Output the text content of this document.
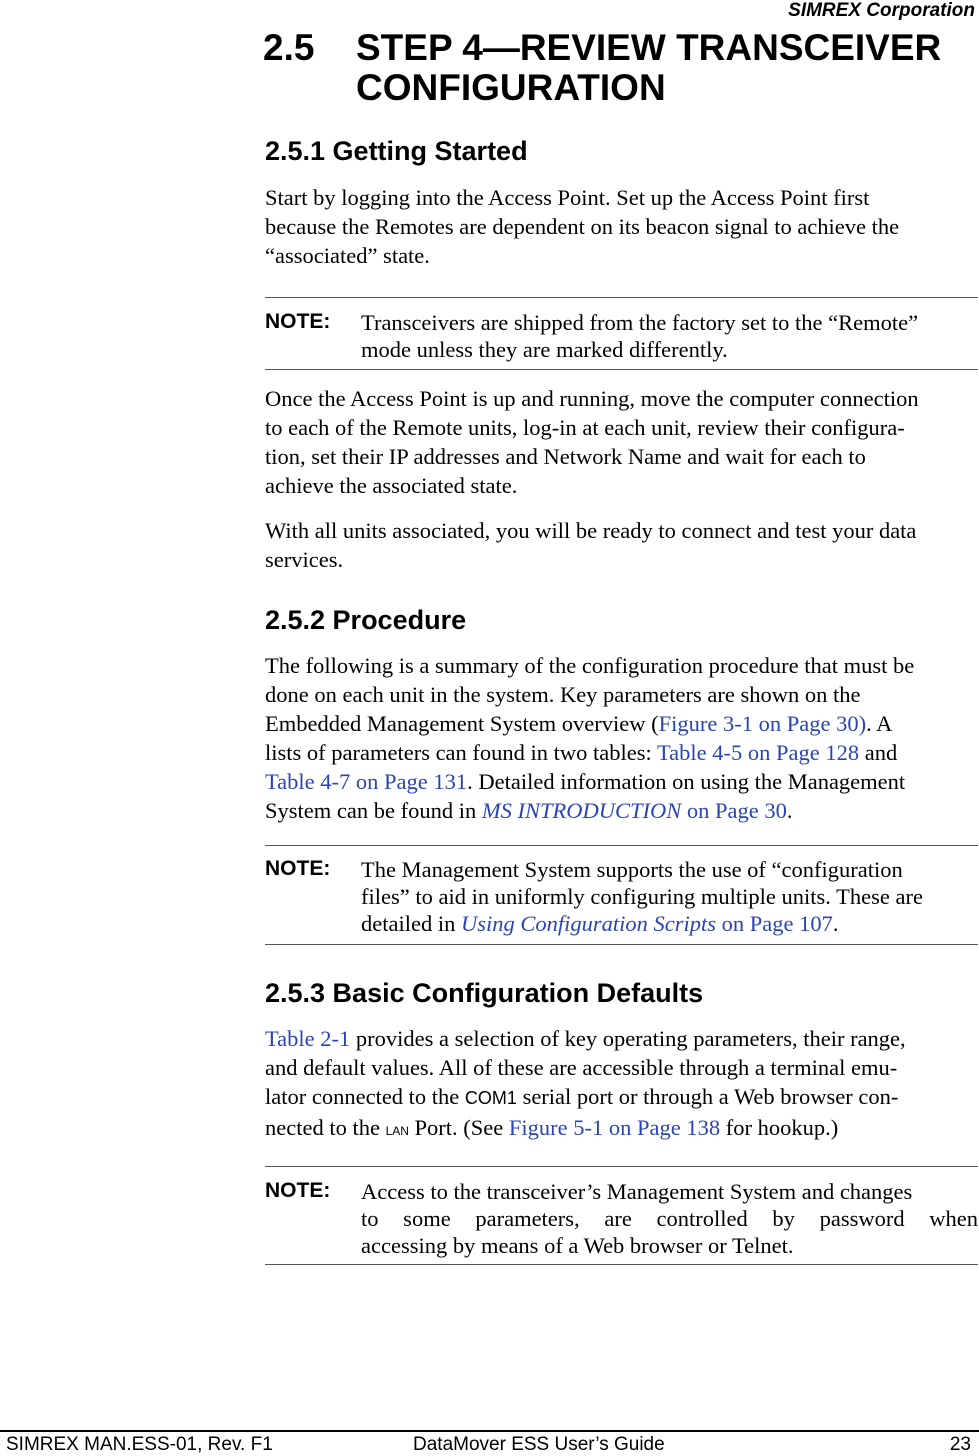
SIMREX Corporation
2.5 STEP 4—REVIEW TRANSCEIVER
CONFIGURATION
2.5.1 Getting Started
Start by logging into the Access Point. Set up the Access Point first
because the Remotes are dependent on its beacon signal to achieve the
“associated” state.
NOTE: Transceivers are shipped from the factory set to the “Remote”
mode unless they are marked differently.
Once the Access Point is up and running, move the computer connection
to each of the Remote units, log-in at each unit, review their configura-
tion, set their IP addresses and Network Name and wait for each to
achieve the associated state.
With all units associated, you will be ready to connect and test your data
services.
2.5.2 Procedure
The following is a summary of the configuration procedure that must be
done on each unit in the system. Key parameters are shown on the
Embedded Management System overview (Figure 3-1 on Page 30). A
lists of parameters can found in two tables: Table 4-5 on Page 128 and
Table 4-7 on Page 131. Detailed information on using the Management
System can be found in MS INTRODUCTION on Page 30.
NOTE: The Management System supports the use of “configuration
files” to aid in uniformly configuring multiple units. These are
detailed in Using Configuration Scripts on Page 107.
2.5.3 Basic Configuration Defaults
Table 2-1 provides a selection of key operating parameters, their range,
and default values. All of these are accessible through a terminal emu-
lator connected to the COM1 serial port or through a Web browser con-
nected to the LAN Port. (See Figure 5-1 on Page 138 for hookup.)
NOTE: Access to the transceiver’s Management System and changes
to some parameters, are controlled by password when
accessing by means of a Web browser or Telnet.
SIMREX MAN.ESS-01, Rev. F1	DataMover ESS User’s Guide	23
